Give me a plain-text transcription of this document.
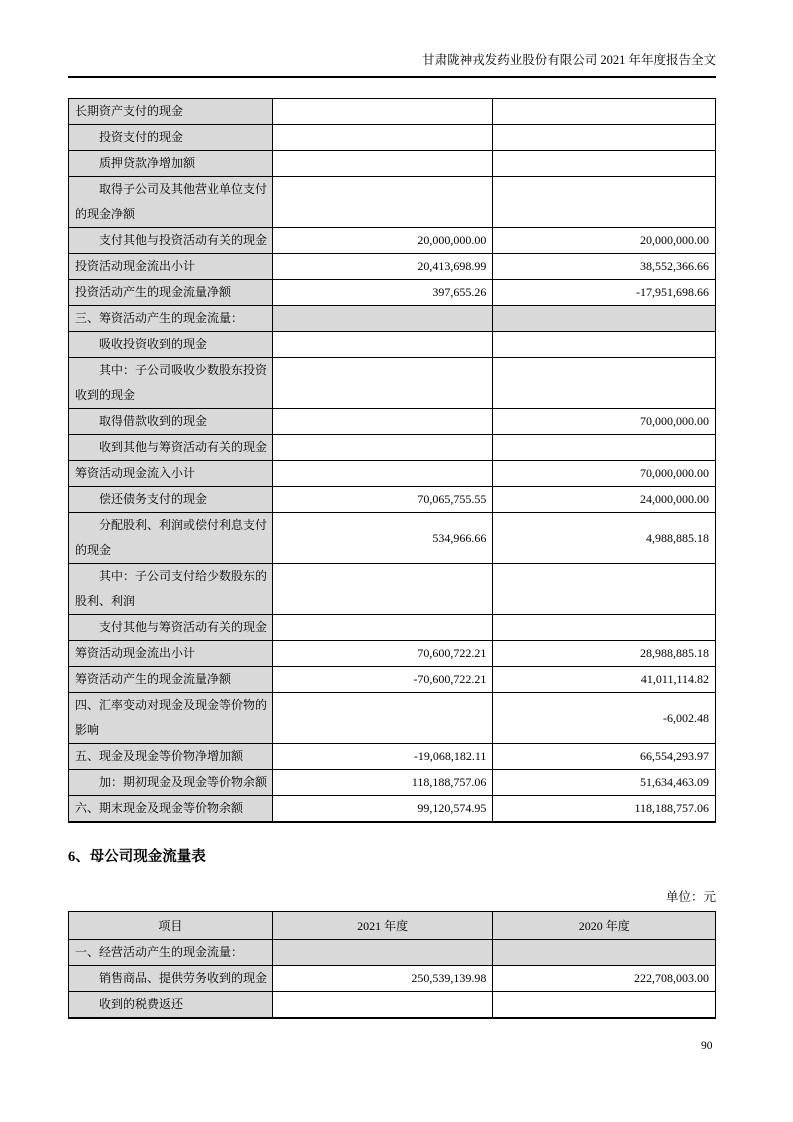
甘肃陇神戎发药业股份有限公司 2021 年年度报告全文
长期资产支付的现金		
投资支付的现金		
质押贷款净增加额		
取得子公司及其他营业单位支付的现金净额		
支付其他与投资活动有关的现金	20,000,000.00	20,000,000.00
投资活动现金流出小计	20,413,698.99	38,552,366.66
投资活动产生的现金流量净额	397,655.26	-17,951,698.66
三、筹资活动产生的现金流量：		
吸收投资收到的现金		
其中：子公司吸收少数股东投资收到的现金		
取得借款收到的现金		70,000,000.00
收到其他与筹资活动有关的现金		
筹资活动现金流入小计		70,000,000.00
偿还债务支付的现金	70,065,755.55	24,000,000.00
分配股利、利润或偿付利息支付的现金	534,966.66	4,988,885.18
其中：子公司支付给少数股东的股利、利润		
支付其他与筹资活动有关的现金		
筹资活动现金流出小计	70,600,722.21	28,988,885.18
筹资活动产生的现金流量净额	-70,600,722.21	41,011,114.82
四、汇率变动对现金及现金等价物的影响		-6,002.48
五、现金及现金等价物净增加额	-19,068,182.11	66,554,293.97
加：期初现金及现金等价物余额	118,188,757.06	51,634,463.09
六、期末现金及现金等价物余额	99,120,574.95	118,188,757.06
6、母公司现金流量表
单位：元
项目	2021 年度	2020 年度
一、经营活动产生的现金流量：		
销售商品、提供劳务收到的现金	250,539,139.98	222,708,003.00
收到的税费返还		
90
